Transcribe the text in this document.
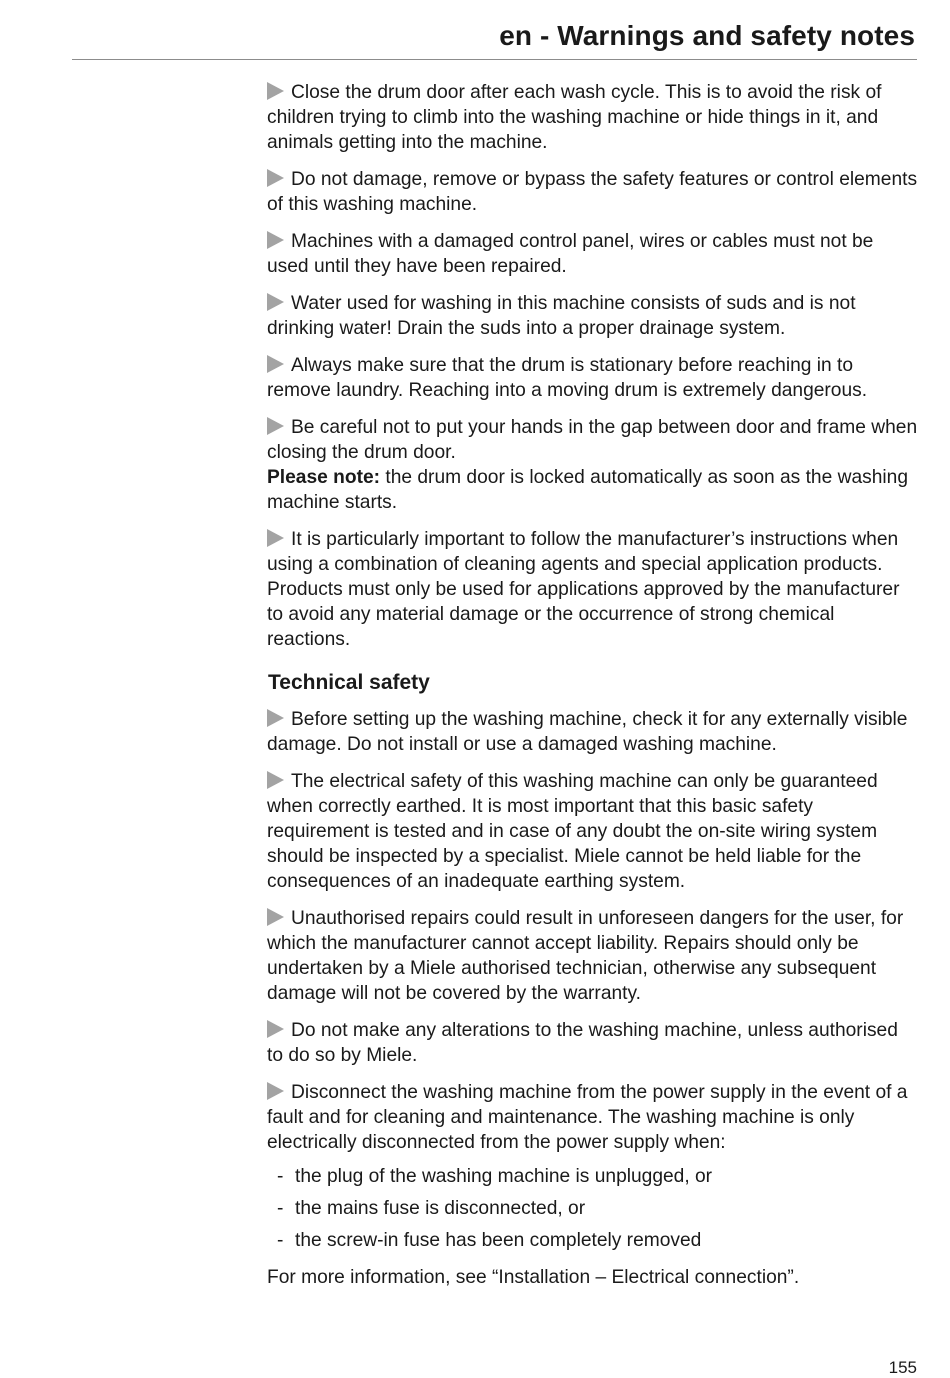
en - Warnings and safety notes

Close the drum door after each wash cycle. This is to avoid the risk of children trying to climb into the washing machine or hide things in it, and animals getting into the machine.

Do not damage, remove or bypass the safety features or control elements of this washing machine.

Machines with a damaged control panel, wires or cables must not be used until they have been repaired.

Water used for washing in this machine consists of suds and is not drinking water! Drain the suds into a proper drainage system.

Always make sure that the drum is stationary before reaching in to remove laundry. Reaching into a moving drum is extremely dangerous.

Be careful not to put your hands in the gap between door and frame when closing the drum door.
Please note: the drum door is locked automatically as soon as the washing machine starts.

It is particularly important to follow the manufacturer’s instructions when using a combination of cleaning agents and special application products. Products must only be used for applications approved by the manufacturer to avoid any material damage or the occurrence of strong chemical reactions.

Technical safety

Before setting up the washing machine, check it for any externally visible damage. Do not install or use a damaged washing machine.

The electrical safety of this washing machine can only be guaranteed when correctly earthed. It is most important that this basic safety requirement is tested and in case of any doubt the on-site wiring system should be inspected by a specialist. Miele cannot be held liable for the consequences of an inadequate earthing system.

Unauthorised repairs could result in unforeseen dangers for the user, for which the manufacturer cannot accept liability. Repairs should only be undertaken by a Miele authorised technician, otherwise any subsequent damage will not be covered by the warranty.

Do not make any alterations to the washing machine, unless authorised to do so by Miele.

Disconnect the washing machine from the power supply in the event of a fault and for cleaning and maintenance. The washing machine is only electrically disconnected from the power supply when:

- the plug of the washing machine is unplugged, or
- the mains fuse is disconnected, or
- the screw-in fuse has been completely removed

For more information, see “Installation – Electrical connection”.

155
